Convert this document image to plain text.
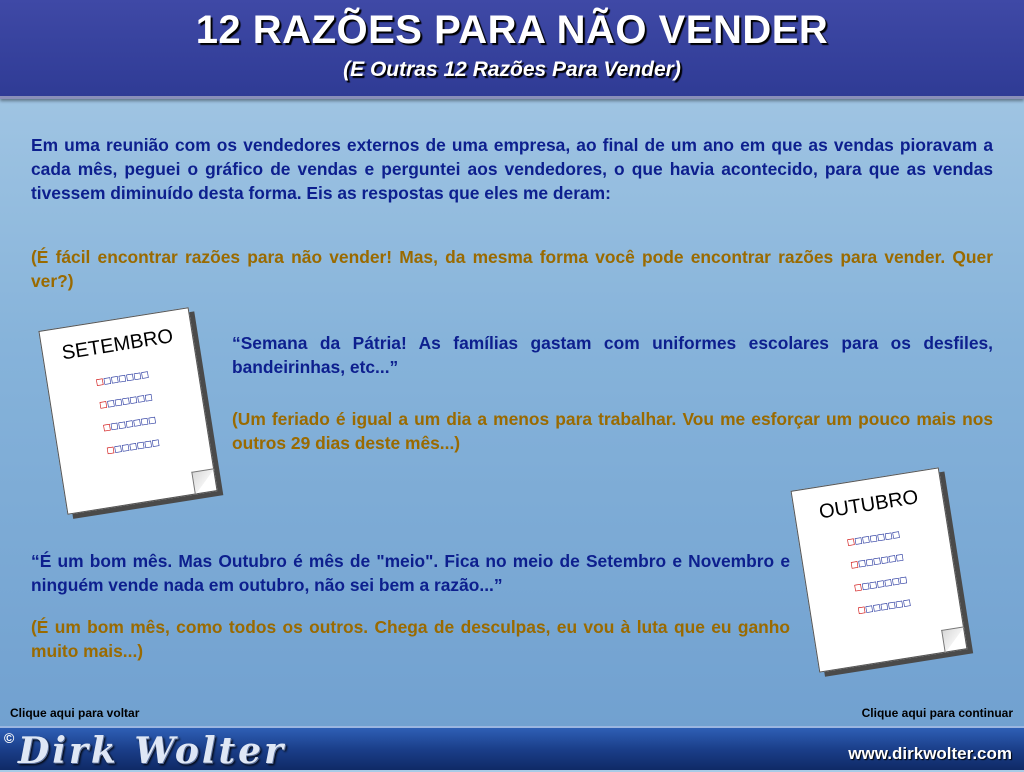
12 RAZÕES PARA NÃO VENDER
(E Outras 12 Razões Para Vender)

Em uma reunião com os vendedores externos de uma empresa, ao final de um ano em que as vendas pioravam a cada mês, peguei o gráfico de vendas e perguntei aos vendedores, o que havia acontecido, para que as vendas tivessem diminuído desta forma. Eis as respostas que eles me deram:

(É fácil encontrar razões para não vender! Mas, da mesma forma você pode encontrar razões para vender. Quer ver?)

SETEMBRO
□□□□□□□
□□□□□□□
□□□□□□□
□□□□□□□

“Semana da Pátria! As famílias gastam com uniformes escolares para os desfiles, bandeirinhas, etc...”

(Um feriado é igual a um dia a menos para trabalhar. Vou me esforçar um pouco mais nos outros 29 dias deste mês...)

OUTUBRO
□□□□□□□
□□□□□□□
□□□□□□□
□□□□□□□

“É um bom mês. Mas Outubro é mês de "meio". Fica no meio de Setembro e Novembro e ninguém vende nada em outubro, não sei bem a razão...”

(É um bom mês, como todos os outros. Chega de desculpas, eu vou à luta que eu ganho muito mais...)

Clique aqui para voltar	Clique aqui para continuar
© Dirk Wolter	www.dirkwolter.com
